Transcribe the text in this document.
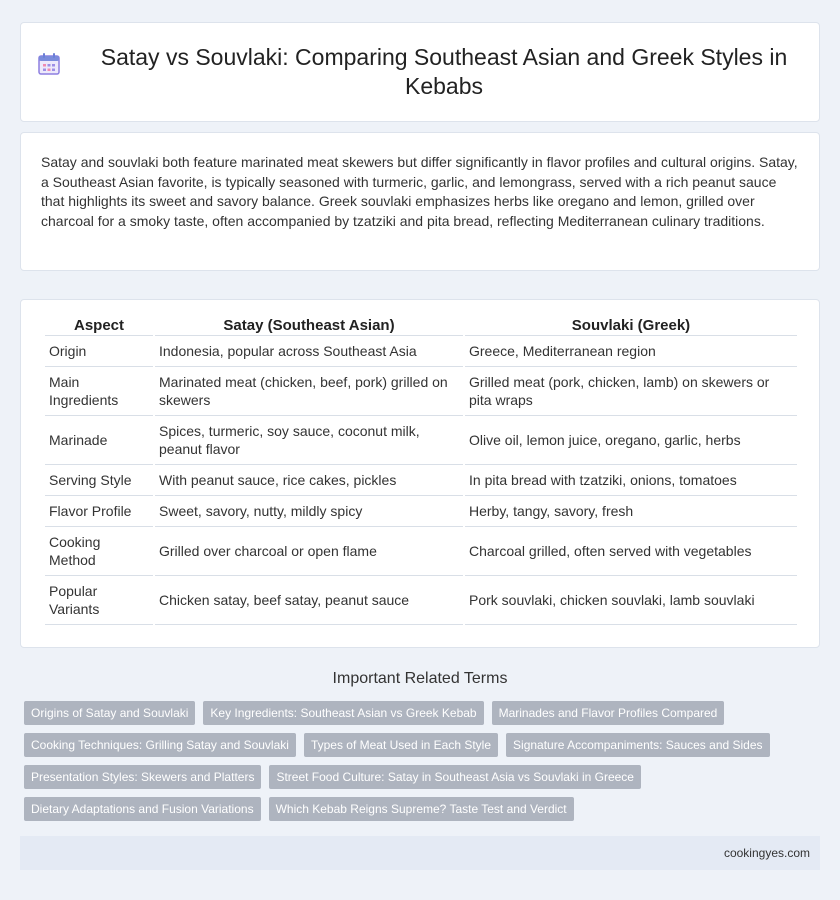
Satay vs Souvlaki: Comparing Southeast Asian and Greek Styles in Kebabs

Satay and souvlaki both feature marinated meat skewers but differ significantly in flavor profiles and cultural origins. Satay, a Southeast Asian favorite, is typically seasoned with turmeric, garlic, and lemongrass, served with a rich peanut sauce that highlights its sweet and savory balance. Greek souvlaki emphasizes herbs like oregano and lemon, grilled over charcoal for a smoky taste, often accompanied by tzatziki and pita bread, reflecting Mediterranean culinary traditions.

Aspect	Satay (Southeast Asian)	Souvlaki (Greek)
Origin	Indonesia, popular across Southeast Asia	Greece, Mediterranean region
Main Ingredients	Marinated meat (chicken, beef, pork) grilled on skewers	Grilled meat (pork, chicken, lamb) on skewers or pita wraps
Marinade	Spices, turmeric, soy sauce, coconut milk, peanut flavor	Olive oil, lemon juice, oregano, garlic, herbs
Serving Style	With peanut sauce, rice cakes, pickles	In pita bread with tzatziki, onions, tomatoes
Flavor Profile	Sweet, savory, nutty, mildly spicy	Herby, tangy, savory, fresh
Cooking Method	Grilled over charcoal or open flame	Charcoal grilled, often served with vegetables
Popular Variants	Chicken satay, beef satay, peanut sauce	Pork souvlaki, chicken souvlaki, lamb souvlaki
Important Related Terms
Origins of Satay and Souvlaki	Key Ingredients: Southeast Asian vs Greek Kebab	Marinades and Flavor Profiles Compared
Cooking Techniques: Grilling Satay and Souvlaki	Types of Meat Used in Each Style	Signature Accompaniments: Sauces and Sides
Presentation Styles: Skewers and Platters	Street Food Culture: Satay in Southeast Asia vs Souvlaki in Greece
Dietary Adaptations and Fusion Variations	Which Kebab Reigns Supreme? Taste Test and Verdict
cookingyes.com
